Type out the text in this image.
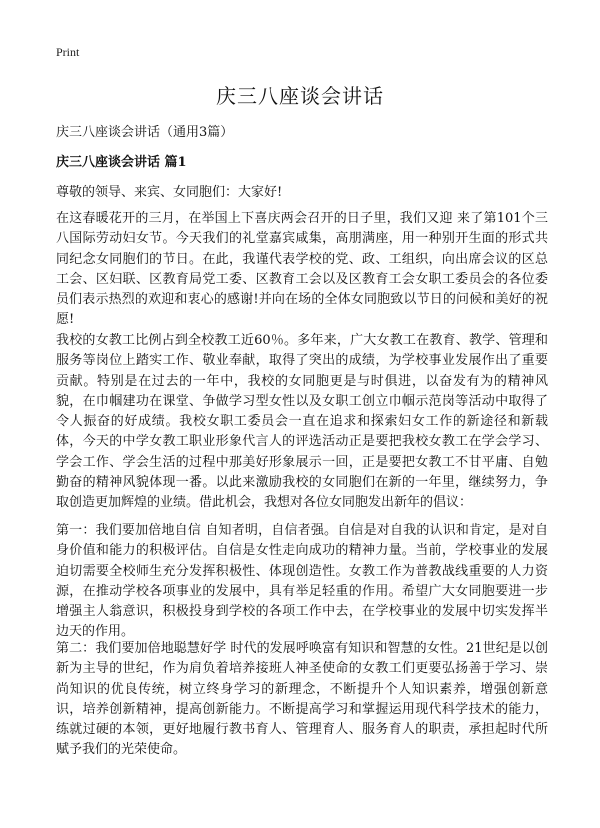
Print
庆三八座谈会讲话
庆三八座谈会讲话（通用3篇）
庆三八座谈会讲话 篇1
尊敬的领导、来宾、女同胞们：大家好!

在这春暖花开的三月，在举国上下喜庆两会召开的日子里，我们又迎 来了第101个三八国际劳动妇女节。今天我们的礼堂嘉宾咸集，高朋满座，用一种别开生面的形式共同纪念女同胞们的节日。在此，我谨代表学校的党、政、工组织，向出席会议的区总工会、区妇联、区教育局党工委、区教育工会以及区教育工会女职工委员会的各位委员们表示热烈的欢迎和衷心的感谢!并向在场的全体女同胞致以节日的问候和美好的祝愿!

我校的女教工比例占到全校教工近60％。多年来，广大女教工在教育、教学、管理和服务等岗位上踏实工作、敬业奉献，取得了突出的成绩，为学校事业发展作出了重要贡献。特别是在过去的一年中，我校的女同胞更是与时俱进，以奋发有为的精神风貌，在巾帼建功在课堂、争做学习型女性以及女职工创立巾帼示范岗等活动中取得了令人振奋的好成绩。我校女职工委员会一直在追求和探索妇女工作的新途径和新载体，今天的中学女教工职业形象代言人的评选活动正是要把我校女教工在学会学习、学会工作、学会生活的过程中那美好形象展示一回，正是要把女教工不甘平庸、自勉勤奋的精神风貌体现一番。以此来激励我校的女同胞们在新的一年里，继续努力，争取创造更加辉煌的业绩。借此机会，我想对各位女同胞发出新年的倡议：

第一：我们要加倍地自信 自知者明，自信者强。自信是对自我的认识和肯定，是对自身价值和能力的积极评估。自信是女性走向成功的精神力量。当前，学校事业的发展迫切需要全校师生充分发挥积极性、体现创造性。女教工作为普教战线重要的人力资源，在推动学校各项事业的发展中，具有举足轻重的作用。希望广大女同胞要进一步增强主人翁意识，积极投身到学校的各项工作中去，在学校事业的发展中切实发挥半边天的作用。

第二：我们要加倍地聪慧好学 时代的发展呼唤富有知识和智慧的女性。21世纪是以创新为主导的世纪，作为肩负着培养接班人神圣使命的女教工们更要弘扬善于学习、崇尚知识的优良传统，树立终身学习的新理念，不断提升个人知识素养，增强创新意识，培养创新精神，提高创新能力。不断提高学习和掌握运用现代科学技术的能力，练就过硬的本领，更好地履行教书育人、管理育人、服务育人的职责，承担起时代所赋予我们的光荣使命。
